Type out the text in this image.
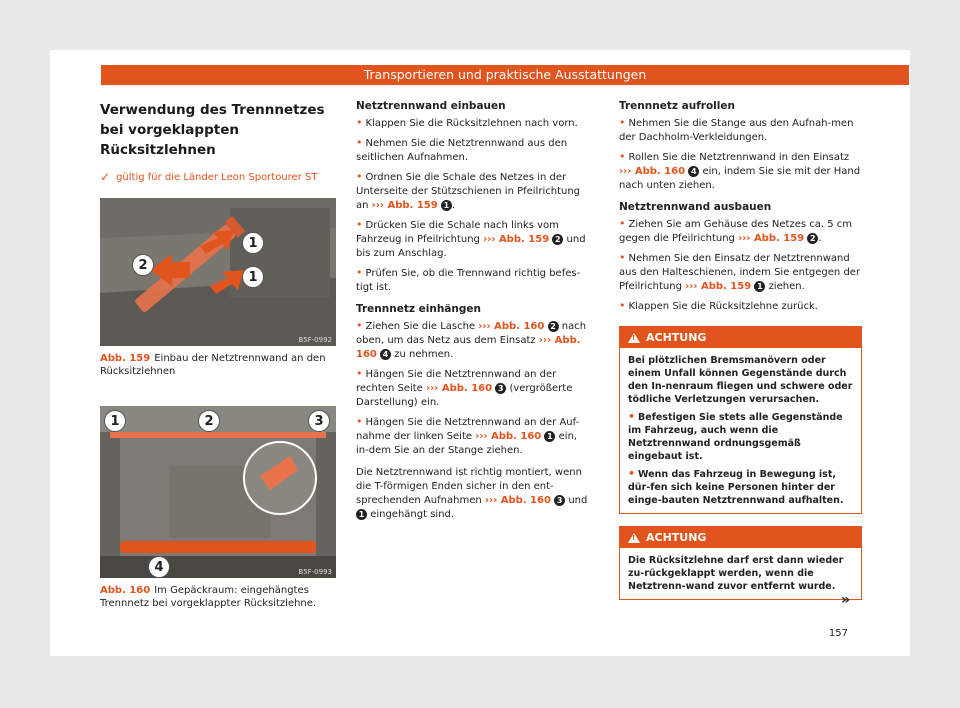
Transportieren und praktische Ausstattungen
Verwendung des Trennnetzes bei vorgeklappten Rücksitzlehnen
✓ gültig für die Länder Leon Sportourer ST
2
1
1
B5F-0992
Abb. 159 Einbau der Netztrennwand an den Rücksitzlehnen
1	2	3
4	B5F-0993
Abb. 160 Im Gepäckraum: eingehängtes Trennnetz bei vorgeklappter Rücksitzlehne.
Netztrennwand einbauen

• Klappen Sie die Rücksitzlehnen nach vorn.

• Nehmen Sie die Netztrennwand aus den seitlichen Aufnahmen.

• Ordnen Sie die Schale des Netzes in der Unterseite der Stützschienen in Pfeilrichtung an ››› Abb. 159 1 .

• Drücken Sie die Schale nach links vom Fahrzeug in Pfeilrichtung ››› Abb. 159 2 und bis zum Anschlag.

• Prüfen Sie, ob die Trennwand richtig befes-tigt ist.

Trennnetz einhängen

• Ziehen Sie die Lasche ››› Abb. 160 2 nach oben, um das Netz aus dem Einsatz ››› Abb. 160 4 zu nehmen.

• Hängen Sie die Netztrennwand an der rechten Seite ››› Abb. 160 3 (vergrößerte Darstellung) ein.

• Hängen Sie die Netztrennwand an der Auf-nahme der linken Seite ››› Abb. 160 1 ein, in-dem Sie an der Stange ziehen.

Die Netztrennwand ist richtig montiert, wenn die T-förmigen Enden sicher in den ent-sprechenden Aufnahmen ››› Abb. 160 3 und 1 eingehängt sind.

Trennnetz aufrollen

• Nehmen Sie die Stange aus den Aufnah-men der Dachholm-Verkleidungen.

• Rollen Sie die Netztrennwand in den Einsatz ››› Abb. 160 4 ein, indem Sie sie mit der Hand nach unten ziehen.

Netztrennwand ausbauen

• Ziehen Sie am Gehäuse des Netzes ca. 5 cm gegen die Pfeilrichtung ››› Abb. 159 2 .

• Nehmen Sie den Einsatz der Netztrennwand aus den Halteschienen, indem Sie entgegen der Pfeilrichtung ››› Abb. 159 1 ziehen.

• Klappen Sie die Rücksitzlehne zurück.

!
ACHTUNG

Bei plötzlichen Bremsmanövern oder einem Unfall können Gegenstände durch den In-nenraum fliegen und schwere oder tödliche Verletzungen verursachen.

• Befestigen Sie stets alle Gegenstände im Fahrzeug, auch wenn die Netztrennwand ordnungsgemäß eingebaut ist.

• Wenn das Fahrzeug in Bewegung ist, dür-fen sich keine Personen hinter der einge-bauten Netztrennwand aufhalten.

!
ACHTUNG

Die Rücksitzlehne darf erst dann wieder zu-rückgeklappt werden, wenn die Netztrenn-wand zuvor entfernt wurde.

»
157
